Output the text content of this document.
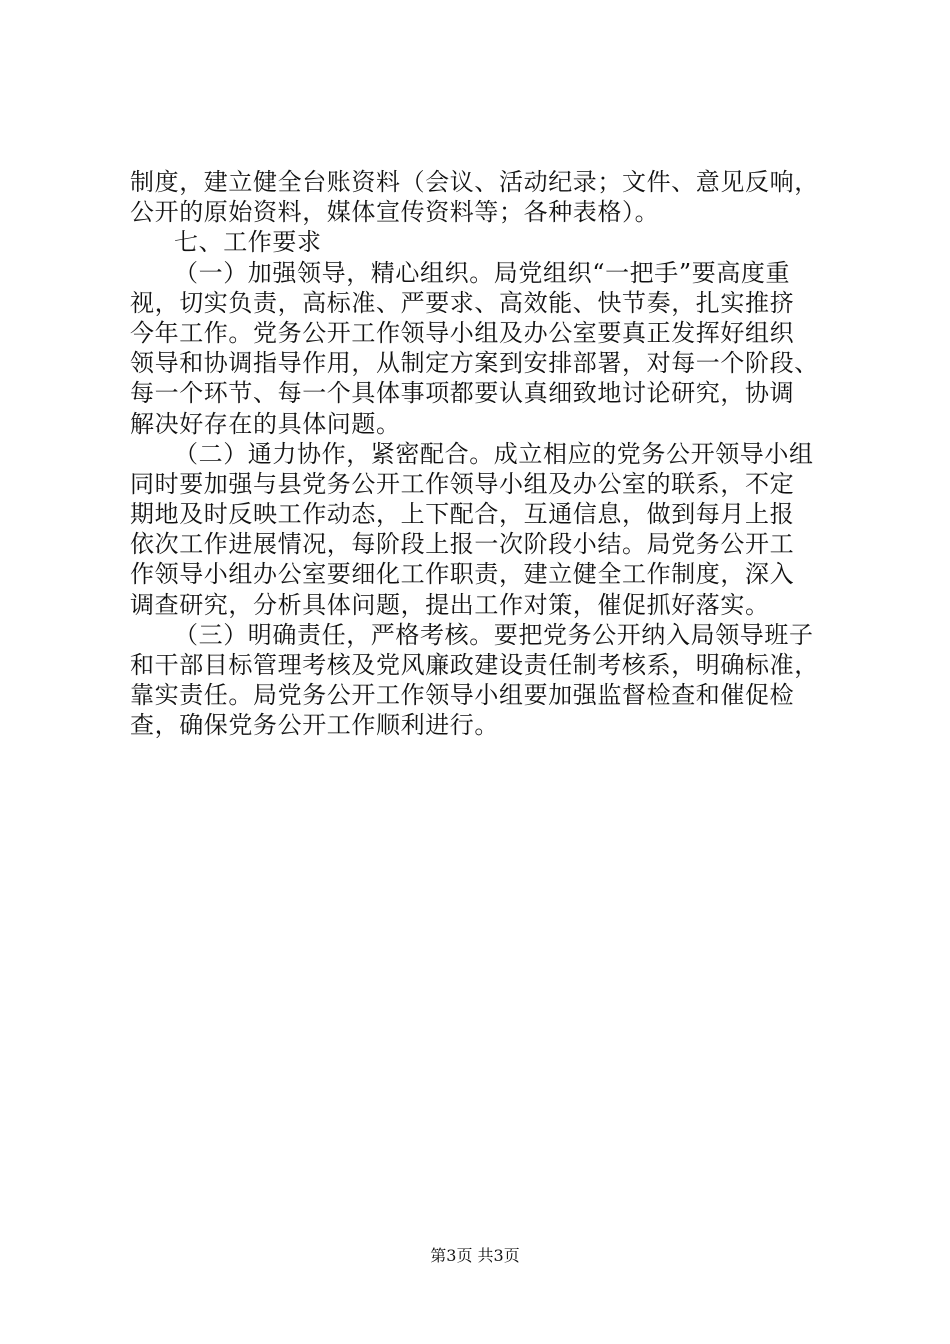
制度，建立健全台账资料（会议、活动纪录；文件、意见反响，
公开的原始资料，媒体宣传资料等；各种表格）。
七、工作要求
（一）加强领导，精心组织。局党组织“一把手”要高度重
视，切实负责，高标准、严要求、高效能、快节奏，扎实推挤
今年工作。党务公开工作领导小组及办公室要真正发挥好组织
领导和协调指导作用，从制定方案到安排部署，对每一个阶段、
每一个环节、每一个具体事项都要认真细致地讨论研究，协调
解决好存在的具体问题。
（二）通力协作，紧密配合。成立相应的党务公开领导小组
同时要加强与县党务公开工作领导小组及办公室的联系，不定
期地及时反映工作动态，上下配合，互通信息，做到每月上报
依次工作进展情况，每阶段上报一次阶段小结。局党务公开工
作领导小组办公室要细化工作职责，建立健全工作制度，深入
调查研究，分析具体问题，提出工作对策，催促抓好落实。
（三）明确责任，严格考核。要把党务公开纳入局领导班子
和干部目标管理考核及党风廉政建设责任制考核系，明确标准，
靠实责任。局党务公开工作领导小组要加强监督检查和催促检
查，确保党务公开工作顺利进行。
第3页 共3页
